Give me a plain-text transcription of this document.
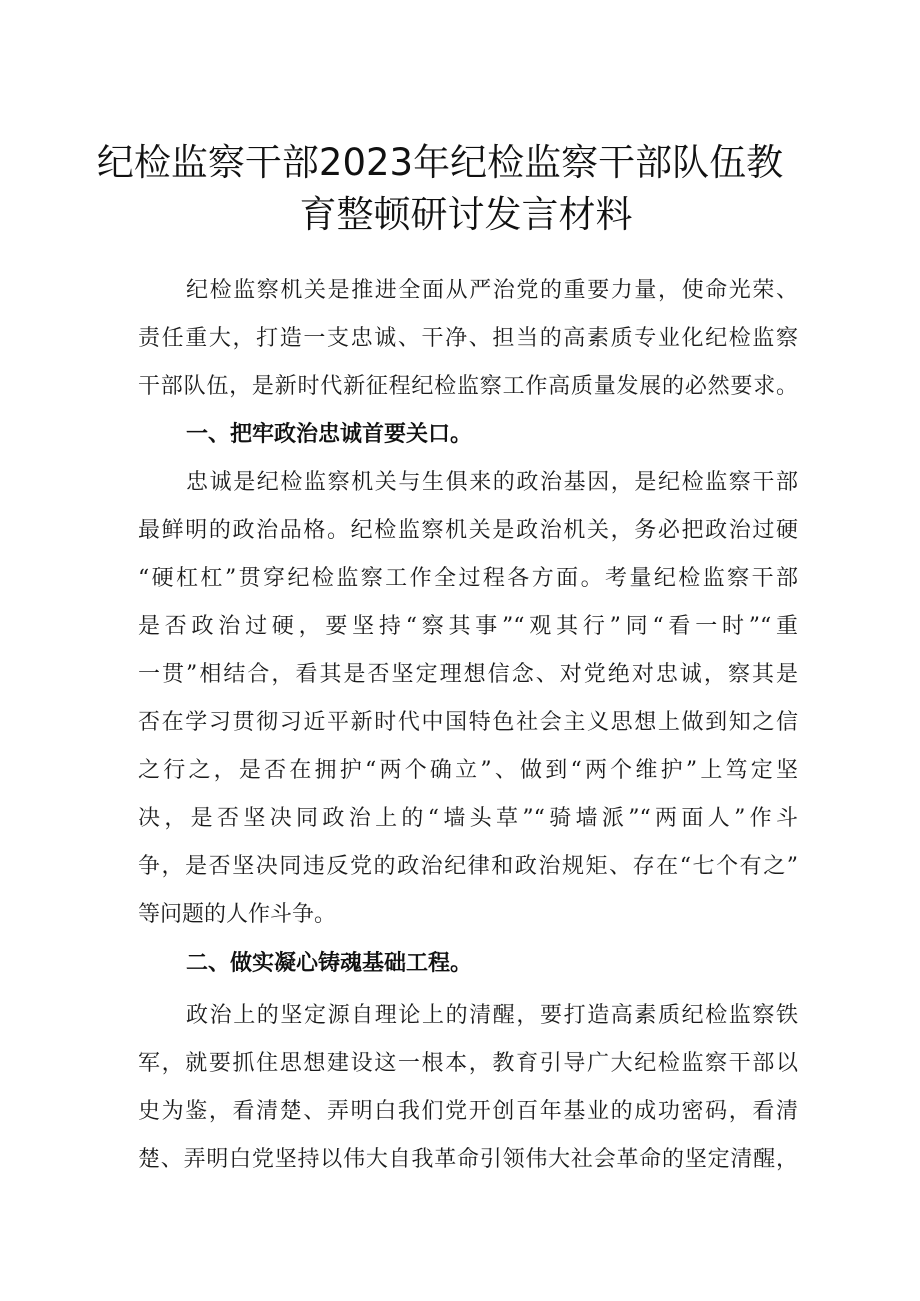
纪检监察干部2023年纪检监察干部队伍教
育整顿研讨发言材料
纪检监察机关是推进全面从严治党的重要力量，使命光荣、
责任重大，打造一支忠诚、干净、担当的高素质专业化纪检监察
干部队伍，是新时代新征程纪检监察工作高质量发展的必然要求。
一、把牢政治忠诚首要关口。
忠诚是纪检监察机关与生俱来的政治基因，是纪检监察干部
最鲜明的政治品格。纪检监察机关是政治机关，务必把政治过硬
“硬杠杠”贯穿纪检监察工作全过程各方面。考量纪检监察干部
是否政治过硬，要坚持“察其事”“观其行”同“看一时”“重
一贯”相结合，看其是否坚定理想信念、对党绝对忠诚，察其是
否在学习贯彻习近平新时代中国特色社会主义思想上做到知之信
之行之，是否在拥护“两个确立”、做到“两个维护”上笃定坚
决，是否坚决同政治上的“墙头草”“骑墙派”“两面人”作斗
争，是否坚决同违反党的政治纪律和政治规矩、存在“七个有之”
等问题的人作斗争。
二、做实凝心铸魂基础工程。
政治上的坚定源自理论上的清醒，要打造高素质纪检监察铁
军，就要抓住思想建设这一根本，教育引导广大纪检监察干部以
史为鉴，看清楚、弄明白我们党开创百年基业的成功密码，看清
楚、弄明白党坚持以伟大自我革命引领伟大社会革命的坚定清醒，
